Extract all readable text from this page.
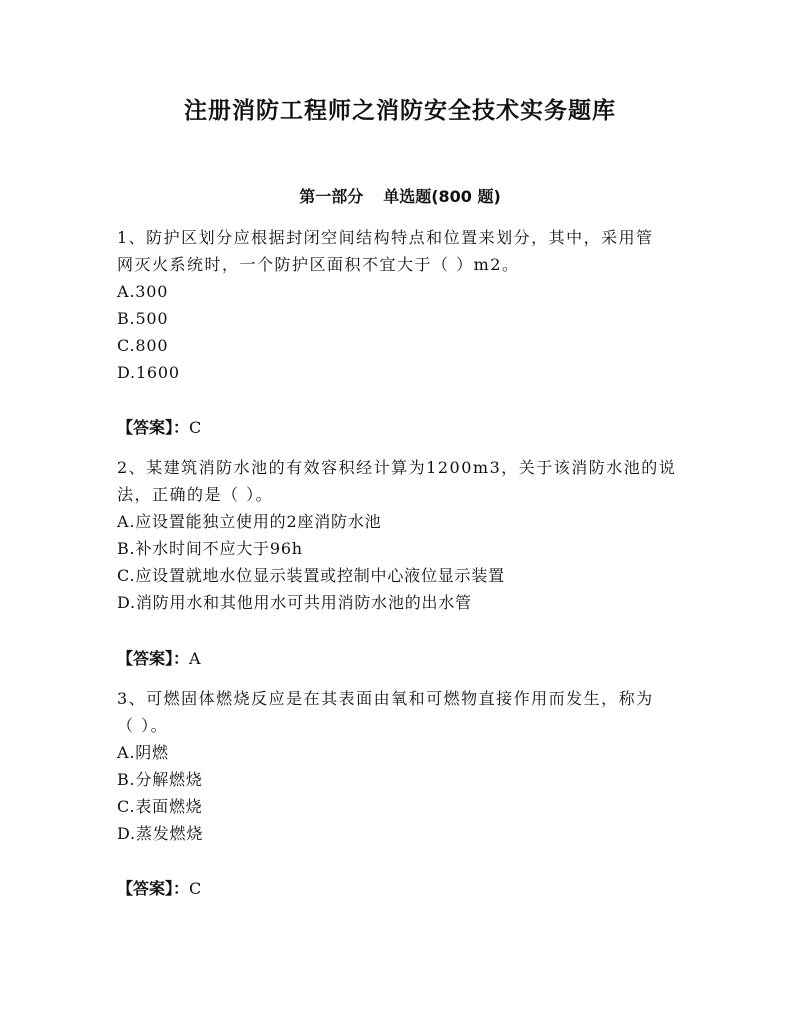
注册消防工程师之消防安全技术实务题库
第一部分 单选题(800 题)

1、防护区划分应根据封闭空间结构特点和位置来划分，其中，采用管

网灭火系统时，一个防护区面积不宜大于（ ）m2。

A.300

B.500

C.800

D.1600

【答案】：C

2、某建筑消防水池的有效容积经计算为1200m3，关于该消防水池的说

法，正确的是（ ）。

A.应设置能独立使用的2座消防水池

B.补水时间不应大于96h

C.应设置就地水位显示装置或控制中心液位显示装置

D.消防用水和其他用水可共用消防水池的出水管

【答案】：A

3、可燃固体燃烧反应是在其表面由氧和可燃物直接作用而发生，称为

（ ）。

A.阴燃

B.分解燃烧

C.表面燃烧

D.蒸发燃烧

【答案】：C
